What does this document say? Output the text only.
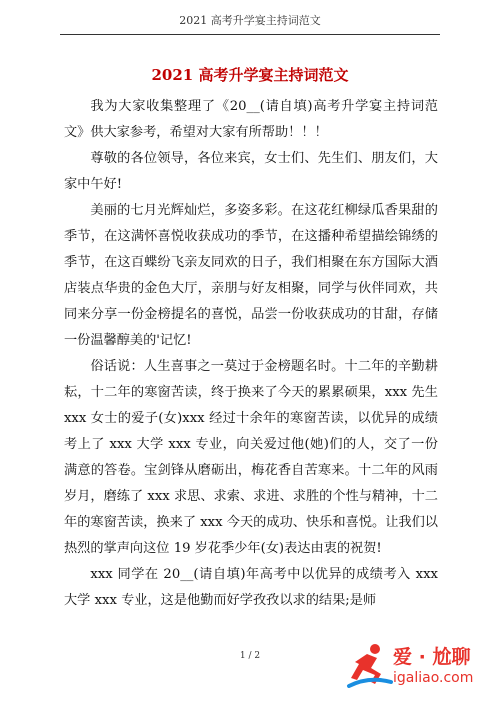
2021 高考升学宴主持词范文
2021 高考升学宴主持词范文

我为大家收集整理了《20__(请自填)高考升学宴主持词范文》供大家参考，希望对大家有所帮助！！！

尊敬的各位领导，各位来宾，女士们、先生们、朋友们，大家中午好!

美丽的七月光辉灿烂，多姿多彩。在这花红柳绿瓜香果甜的季节，在这满怀喜悦收获成功的季节，在这播种希望描绘锦绣的季节，在这百蝶纷飞亲友同欢的日子，我们相聚在东方国际大酒店装点华贵的金色大厅，亲朋与好友相聚，同学与伙伴同欢，共同来分享一份金榜提名的喜悦，品尝一份收获成功的甘甜，存储一份温馨醇美的'记忆!

俗话说：人生喜事之一莫过于金榜题名时。十二年的辛勤耕耘，十二年的寒窗苦读，终于换来了今天的累累硕果，xxx 先生 xxx 女士的爱子(女)xxx 经过十余年的寒窗苦读，以优异的成绩考上了 xxx 大学 xxx 专业，向关爱过他(她)们的人，交了一份满意的答卷。宝剑锋从磨砺出，梅花香自苦寒来。十二年的风雨岁月，磨练了 xxx 求思、求索、求进、求胜的个性与精神，十二年的寒窗苦读，换来了 xxx 今天的成功、快乐和喜悦。让我们以热烈的掌声向这位 19 岁花季少年(女)表达由衷的祝贺!

xxx 同学在 20__(请自填)年高考中以优异的成绩考入 xxx 大学 xxx 专业，这是他勤而好学孜孜以求的结果;是师

1 / 2	爱 · 尬聊
igaliao.com
